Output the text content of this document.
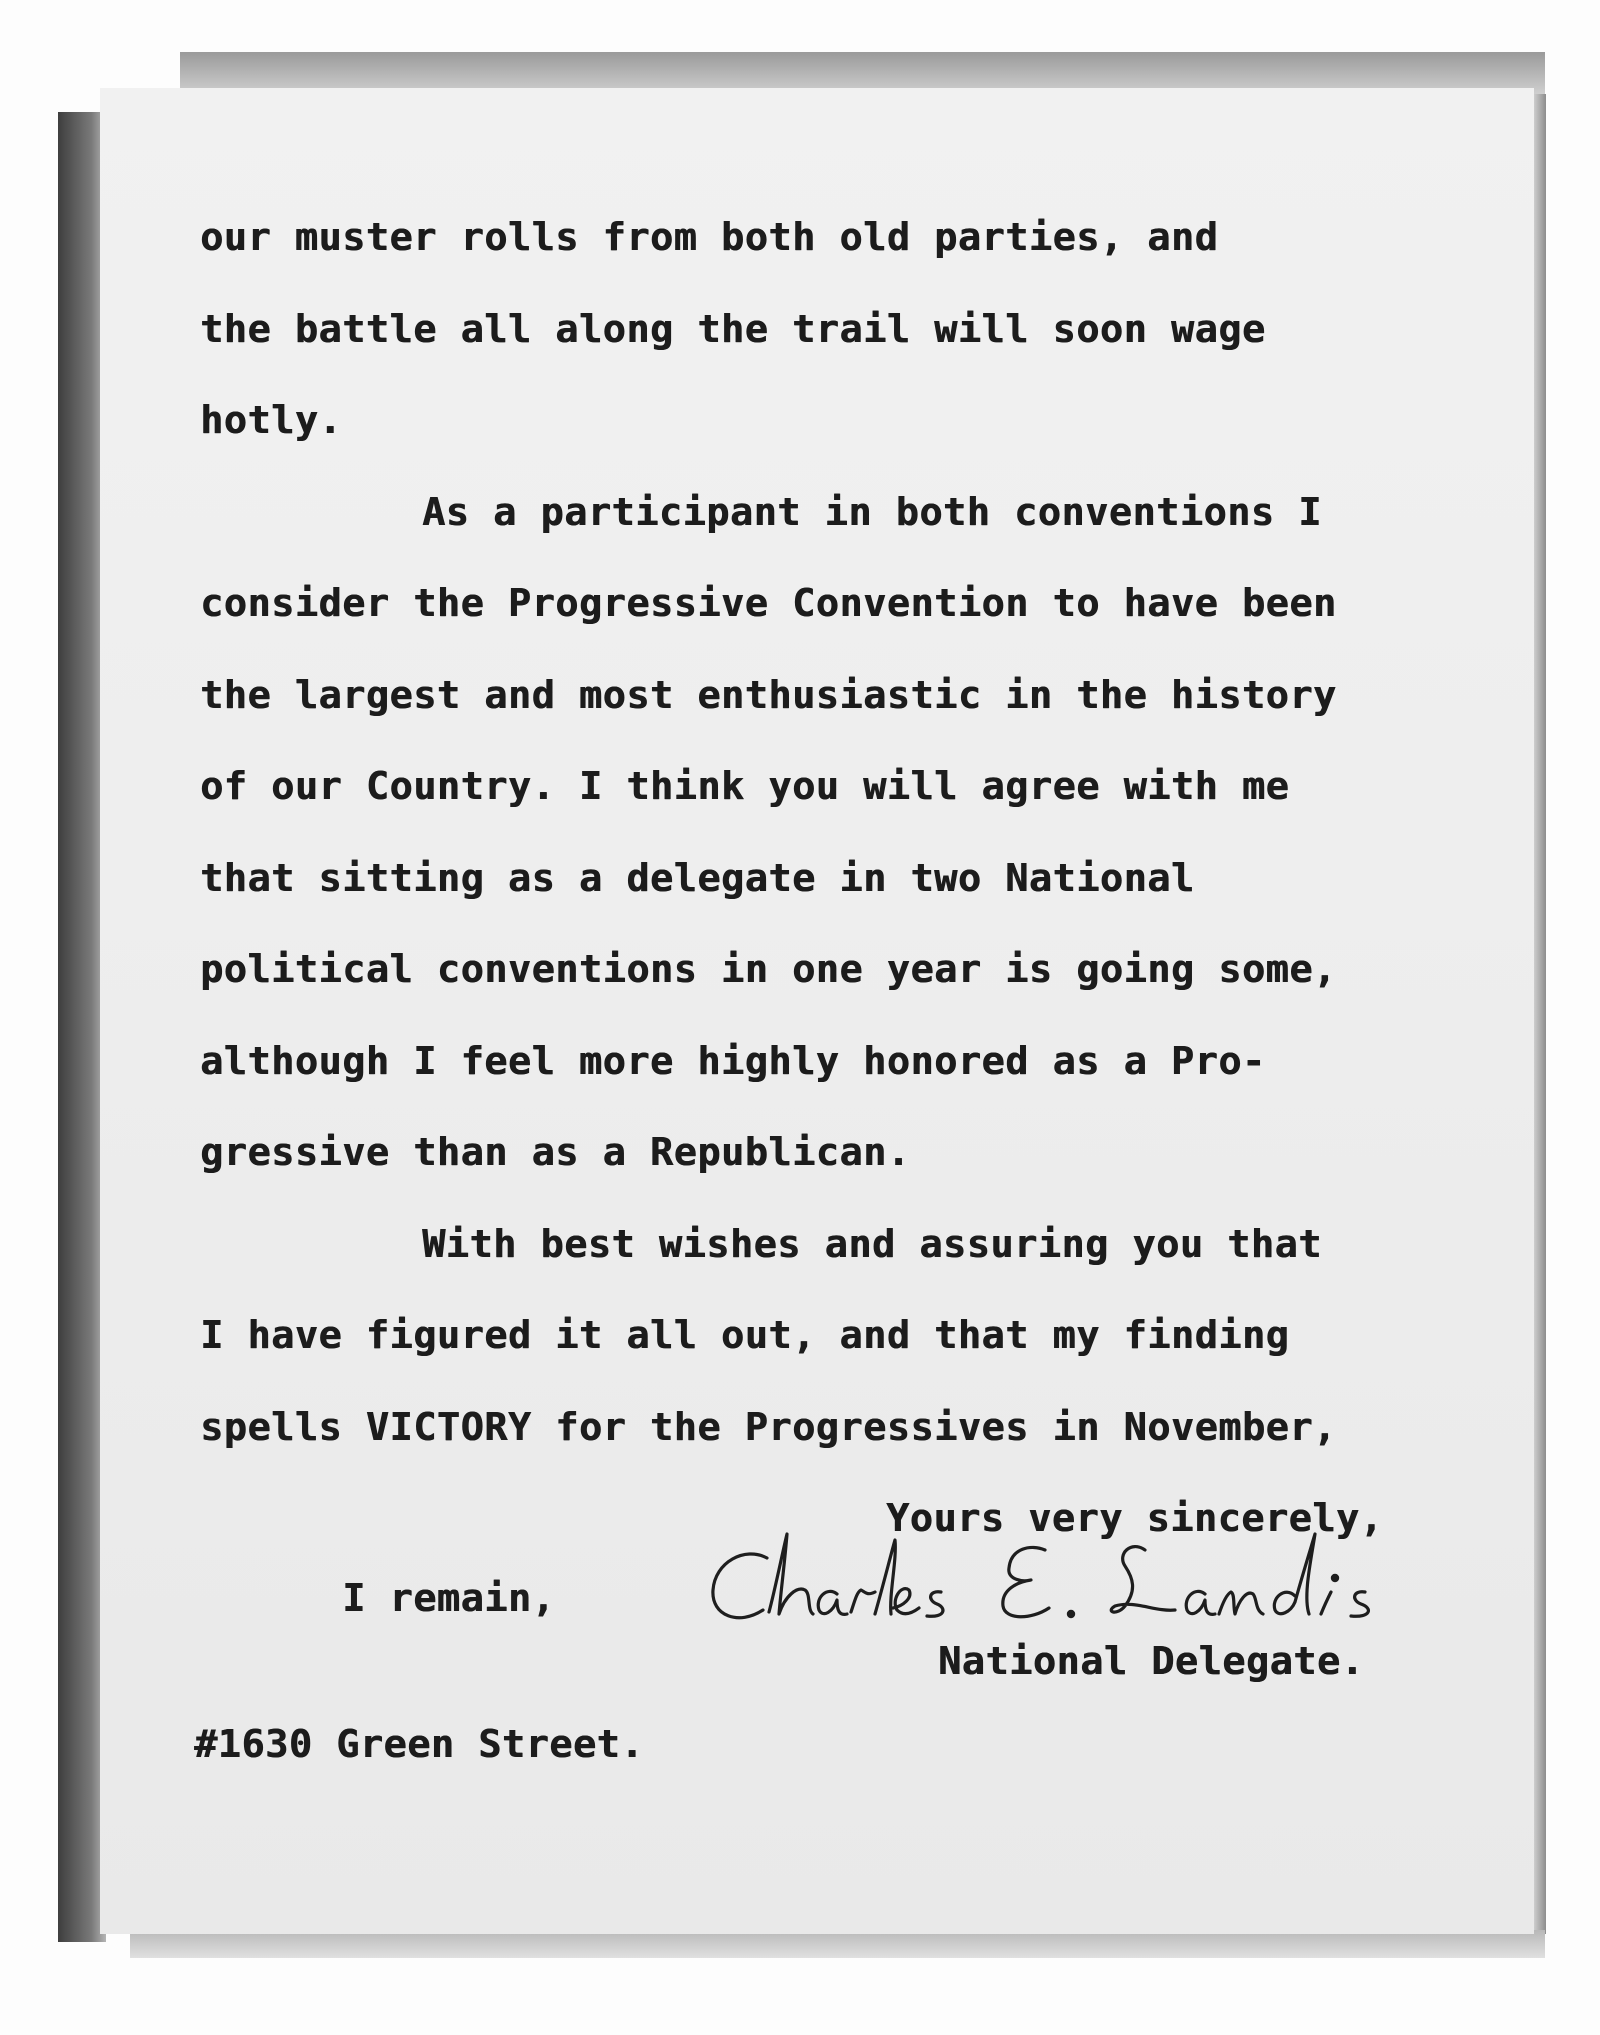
our muster rolls from both old parties, and
the battle all along the trail will soon wage
hotly.
As a participant in both conventions I
consider the Progressive Convention to have been
the largest and most enthusiastic in the history
of our Country. I think you will agree with me
that sitting as a delegate in two National
political conventions in one year is going some,
although I feel more highly honored as a Pro-
gressive than as a Republican.
With best wishes and assuring you that
I have figured it all out, and that my finding
spells VICTORY for the Progressives in November,

I remain,

Yours very sincerely,

Charles E. Landis
National Delegate.
#1630 Green Street.
